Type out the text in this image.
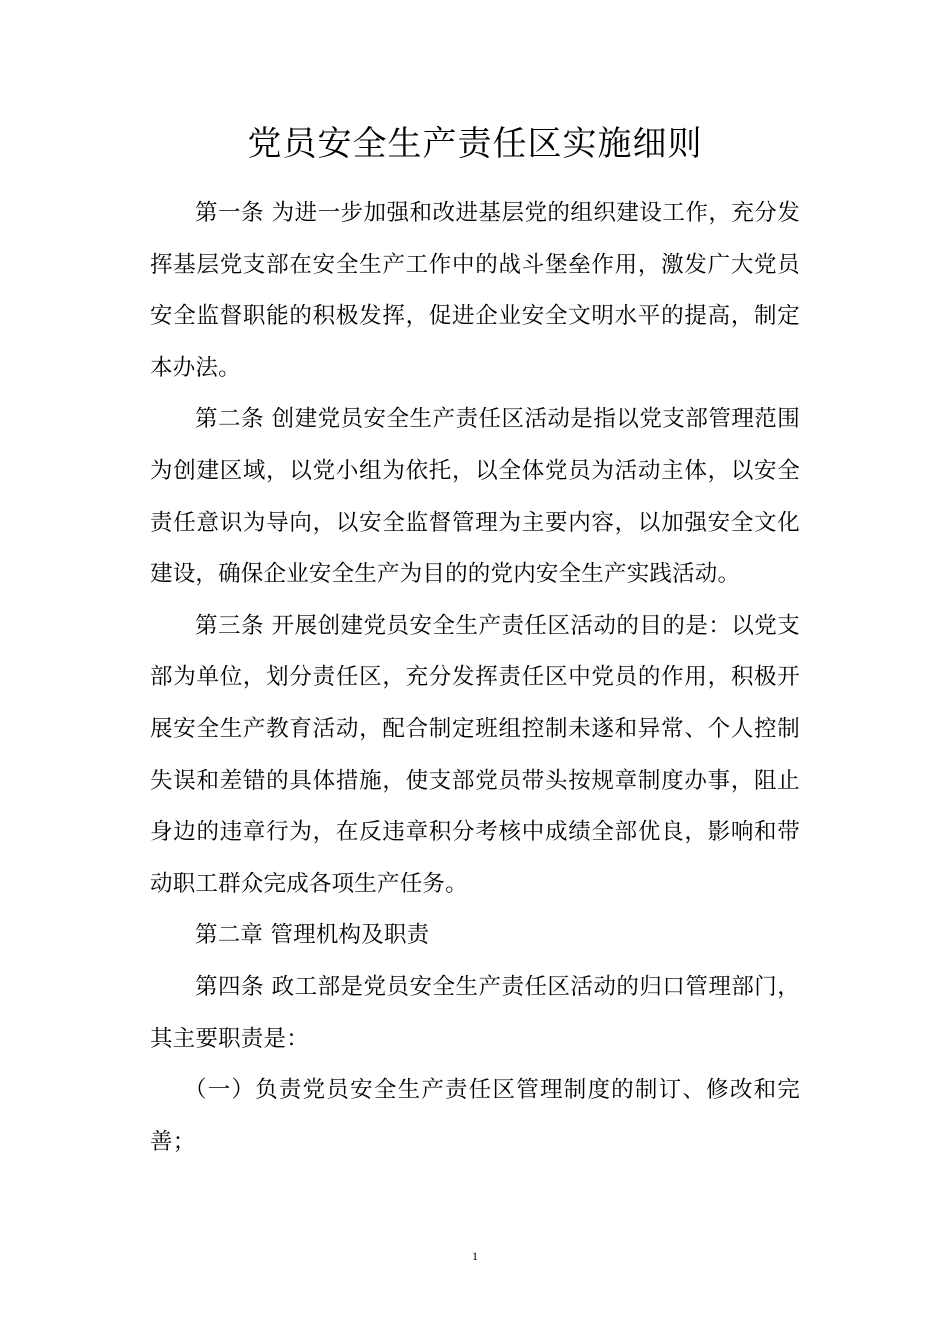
党员安全生产责任区实施细则

第一条 为进一步加强和改进基层党的组织建设工作，充分发挥基层党支部在安全生产工作中的战斗堡垒作用，激发广大党员安全监督职能的积极发挥，促进企业安全文明水平的提高，制定本办法。

第二条 创建党员安全生产责任区活动是指以党支部管理范围为创建区域，以党小组为依托，以全体党员为活动主体，以安全责任意识为导向，以安全监督管理为主要内容，以加强安全文化建设，确保企业安全生产为目的的党内安全生产实践活动。

第三条 开展创建党员安全生产责任区活动的目的是：以党支部为单位，划分责任区，充分发挥责任区中党员的作用，积极开展安全生产教育活动，配合制定班组控制未遂和异常、个人控制失误和差错的具体措施，使支部党员带头按规章制度办事，阻止身边的违章行为，在反违章积分考核中成绩全部优良，影响和带动职工群众完成各项生产任务。

第二章 管理机构及职责

第四条 政工部是党员安全生产责任区活动的归口管理部门，其主要职责是：

（一）负责党员安全生产责任区管理制度的制订、修改和完善；

1
